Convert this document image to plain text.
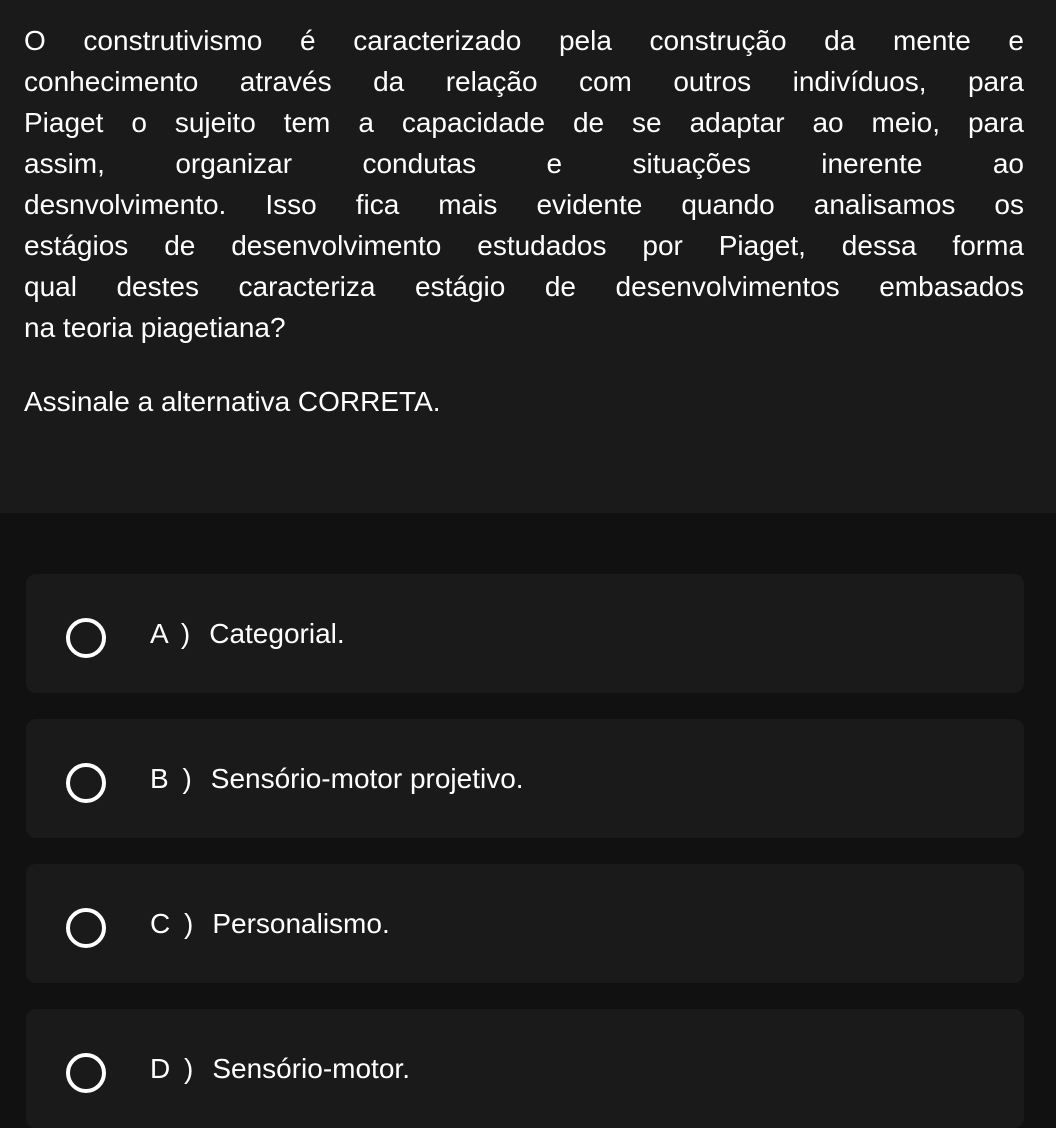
O construtivismo é caracterizado pela construção da mente e
conhecimento através da relação com outros indivíduos, para
Piaget o sujeito tem a capacidade de se adaptar ao meio, para
assim, organizar condutas e situações inerente ao
desnvolvimento. Isso fica mais evidente quando analisamos os
estágios de desenvolvimento estudados por Piaget, dessa forma
qual destes caracteriza estágio de desenvolvimentos embasados
na teoria piagetiana?
Assinale a alternativa CORRETA.
A ) Categorial.
B ) Sensório-motor projetivo.
C ) Personalismo.
D ) Sensório-motor.
